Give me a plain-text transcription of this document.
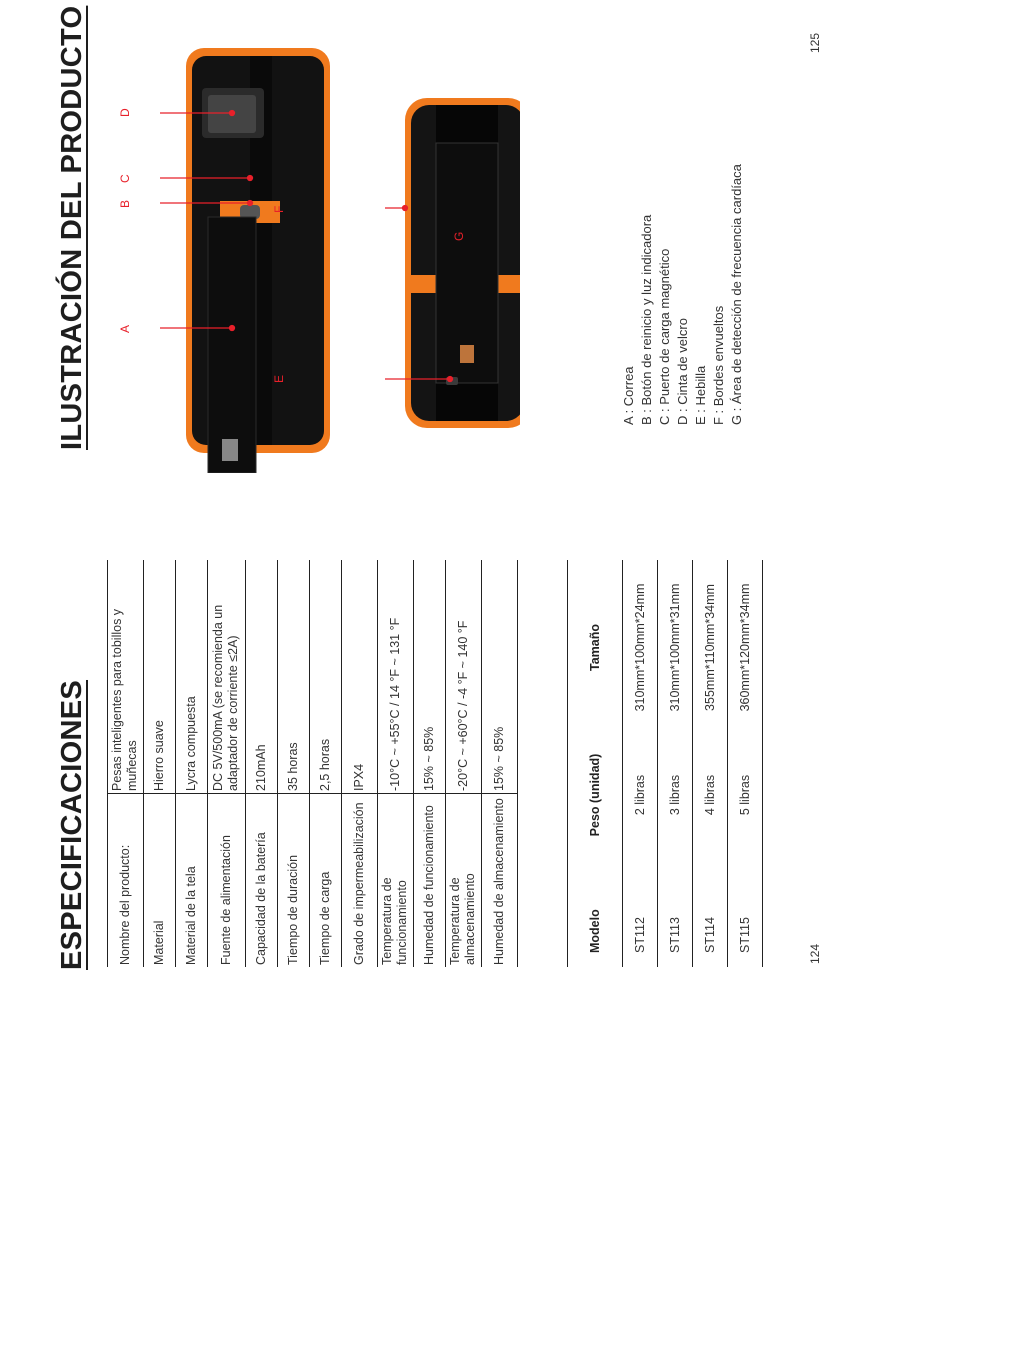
ESPECIFICACIONES Nombre del producto:	Pesas inteligentes para tobillos y muñecas
Material	Hierro suave
Material de la tela	Lycra compuesta
Fuente de alimentación	DC 5V/500mA (se recomienda un adaptador de corriente ≤2A)
Capacidad de la batería	210mAh
Tiempo de duración	35 horas
Tiempo de carga	2,5 horas
Grado de impermeabilización	IPX4
Temperatura de funcionamiento	-10°C ~ +55°C / 14 °F ~ 131 °F
Humedad de funcionamiento	15% ~ 85%
Temperatura de almacenamiento	-20°C ~ +60°C / -4 °F ~ 140 °F
Humedad de almacenamiento	15% ~ 85%
Modelo	Peso (unidad)	Tamaño
ST112	2 libras	310mm*100mm*24mm
ST113	3 libras	310mm*100mm*31mm
ST114	4 libras	355mm*110mm*34mm
ST115	5 libras	360mm*120mm*34mm
124
ILUSTRACIÓN DEL PRODUCTO	A
B
C
D
E
F
G
A : Correa B : Botón de reinicio y luz indicadora C : Puerto de carga magnético D : Cinta de velcro E : Hebilla F : Bordes envueltos G : Área de detección de frecuencia cardíaca
125
